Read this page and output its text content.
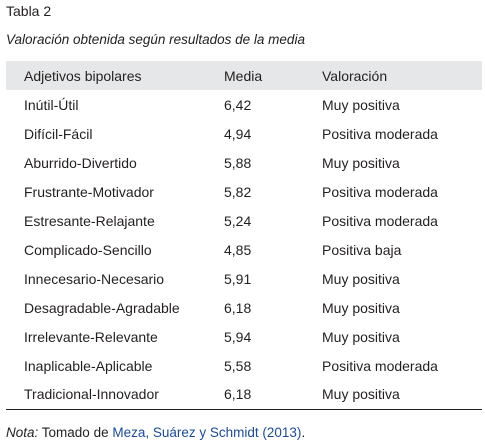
Tabla 2
Valoración obtenida según resultados de la media
Adjetivos bipolares	Media	Valoración
Inútil-Útil	6,42	Muy positiva
Difícil-Fácil	4,94	Positiva moderada
Aburrido-Divertido	5,88	Muy positiva
Frustrante-Motivador	5,82	Positiva moderada
Estresante-Relajante	5,24	Positiva moderada
Complicado-Sencillo	4,85	Positiva baja
Innecesario-Necesario	5,91	Muy positiva
Desagradable-Agradable	6,18	Muy positiva
Irrelevante-Relevante	5,94	Muy positiva
Inaplicable-Aplicable	5,58	Positiva moderada
Tradicional-Innovador	6,18	Muy positiva
Nota: Tomado de Meza, Suárez y Schmidt (2013).
